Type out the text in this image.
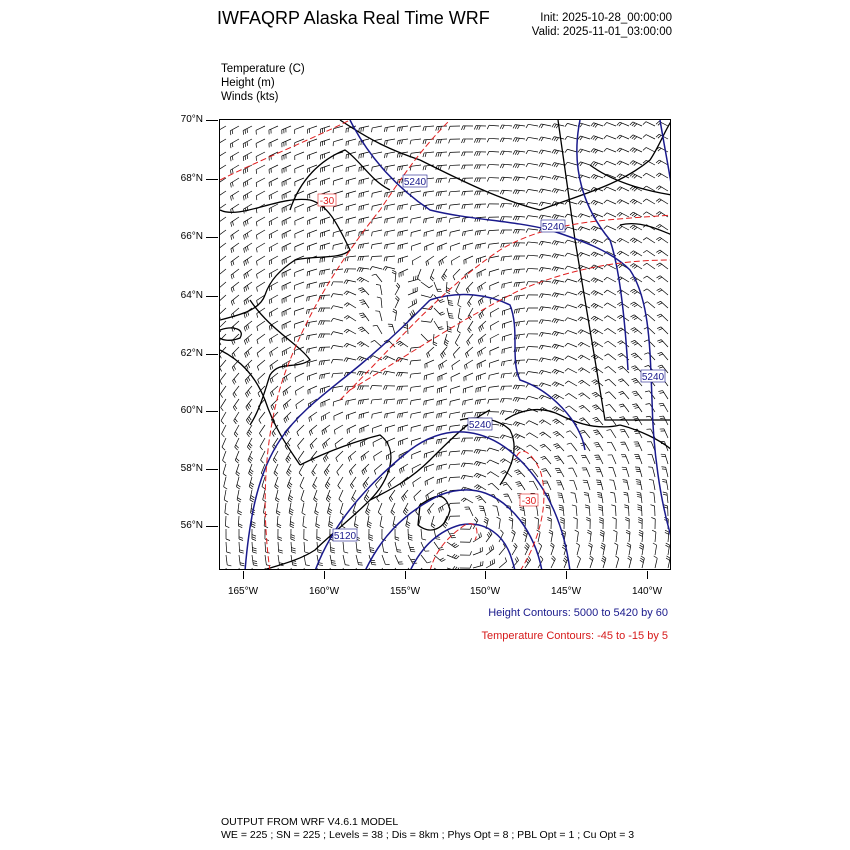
IWFAQRP Alaska Real Time WRF	Init: 2025-10-28_00:00:00
Valid: 2025-11-01_03:00:00
Temperature (C)
Height (m)
Winds (kts)
70°N
68°N
66°N
64°N
62°N
60°N
58°N
56°N
165°W	160°W	155°W	150°W	145°W	140°W
5240
5240
5240
5240
5120
-30
-30
Height Contours: 5000 to 5420 by 60
Temperature Contours: -45 to -15 by 5
OUTPUT FROM WRF V4.6.1 MODEL
WE = 225 ; SN = 225 ; Levels = 38 ; Dis = 8km ; Phys Opt = 8 ; PBL Opt = 1 ; Cu Opt = 3
